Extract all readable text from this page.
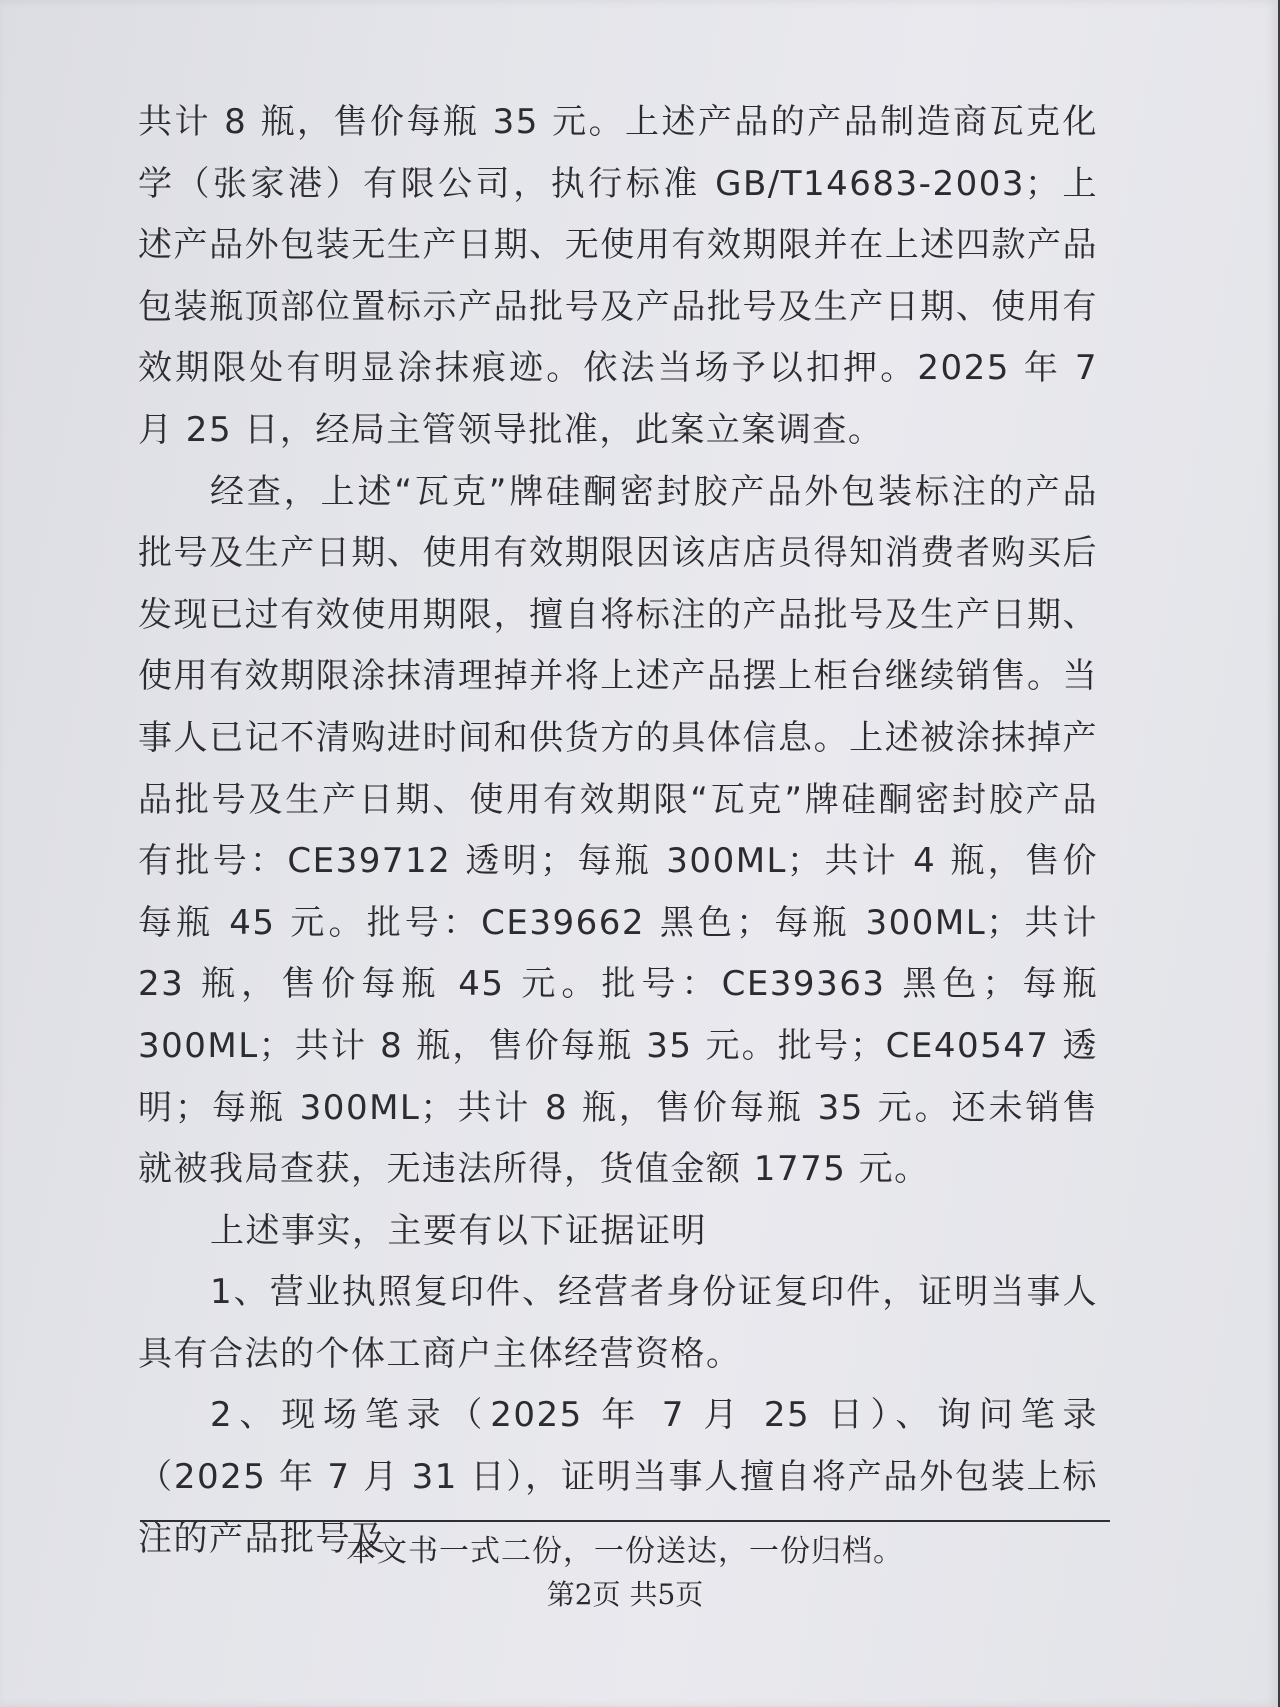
共计 8 瓶，售价每瓶 35 元。上述产品的产品制造商瓦克化学（张家港）有限公司，执行标准 GB/T14683-2003；上述产品外包装无生产日期、无使用有效期限并在上述四款产品包装瓶顶部位置标示产品批号及产品批号及生产日期、使用有效期限处有明显涂抹痕迹。依法当场予以扣押。2025 年 7 月 25 日，经局主管领导批准，此案立案调查。

经查，上述“瓦克”牌硅酮密封胶产品外包装标注的产品批号及生产日期、使用有效期限因该店店员得知消费者购买后发现已过有效使用期限，擅自将标注的产品批号及生产日期、使用有效期限涂抹清理掉并将上述产品摆上柜台继续销售。当事人已记不清购进时间和供货方的具体信息。上述被涂抹掉产品批号及生产日期、使用有效期限“瓦克”牌硅酮密封胶产品有批号：CE39712 透明；每瓶 300ML；共计 4 瓶，售价每瓶 45 元。批号：CE39662 黑色；每瓶 300ML；共计 23 瓶，售价每瓶 45 元。批号：CE39363 黑色；每瓶 300ML；共计 8 瓶，售价每瓶 35 元。批号；CE40547 透明；每瓶 300ML；共计 8 瓶，售价每瓶 35 元。还未销售就被我局查获，无违法所得，货值金额 1775 元。

上述事实，主要有以下证据证明

1、营业执照复印件、经营者身份证复印件，证明当事人具有合法的个体工商户主体经营资格。

2、现场笔录（2025 年 7 月 25 日）、询问笔录（2025 年 7 月 31 日），证明当事人擅自将产品外包装上标注的产品批号及

本文书一式二份，一份送达，一份归档。
第2页 共5页
